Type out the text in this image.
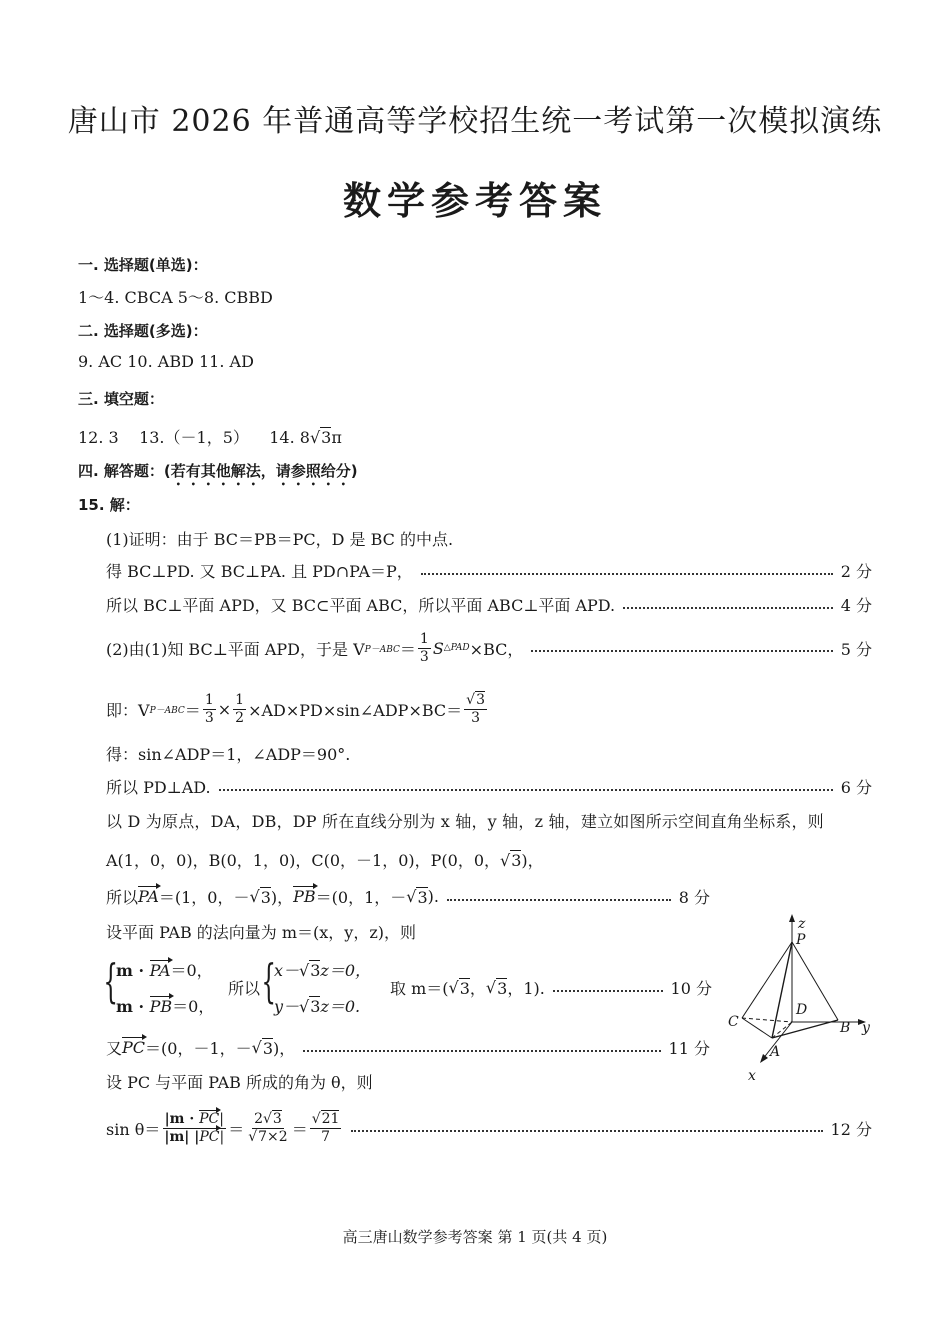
唐山市 2026 年普通高等学校招生统一考试第一次模拟演练
数学参考答案
一. 选择题(单选)：
1～4. CBCA 5～8. CBBD
二. 选择题(多选)：
9. AC 10. ABD 11. AD
三. 填空题：
12. 3 13.（－1，5） 14. 8√3π
四. 解答题：(若有其他解法，请参照给分)
15. 解：
(1)证明：由于 BC＝PB＝PC，D 是 BC 的中点.
得 BC⊥PD. 又 BC⊥PA. 且 PD∩PA＝P，	2 分
所以 BC⊥平面 APD，又 BC⊂平面 ABC，所以平面 ABC⊥平面 APD.	4 分
(2)由(1)知 BC⊥平面 APD，于是 V $P-ABC = \frac{1}{3}$ S △PAD ×BC，	5 分
即：V $P-ABC = \frac{1}{3} \times \frac{1}{2}$ ×AD×PD×sin∠ADP×BC＝ $\frac{√3}{3}$
得：sin∠ADP＝1，∠ADP＝90°.
所以 PD⊥AD.	6 分
以 D 为原点，DA，DB，DP 所在直线分别为 x 轴，y 轴，z 轴，建立如图所示空间直角坐标系，则
A(1，0，0)，B(0，1，0)，C(0，－1，0)，P(0，0，√3)，
所以 PA ＝(1，0，－ √ 3 )， PB ＝(0，1，－ √ 3 ).	8 分
设平面 PAB 的法向量为 m＝(x，y，z)，则
{
m · PA＝0，
m · PB＝0，
所以 {
x－√3z＝0，
y－√3z＝0.
取 m＝( √ 3 ， √ 3 ，1).	10 分
又 PC ＝(0，－1，－ √ 3 )，	11 分
设 PC 与平面 PAB 所成的角为 θ，则
$\sin \theta= \frac{|m \cdot PC|}{|m| |PC|} = \frac{2√3}{√7\times 2} = \frac{√21}{7}$	12 分
z
P
C
D
B y
A
x
高三唐山数学参考答案 第 1 页(共 4 页)
